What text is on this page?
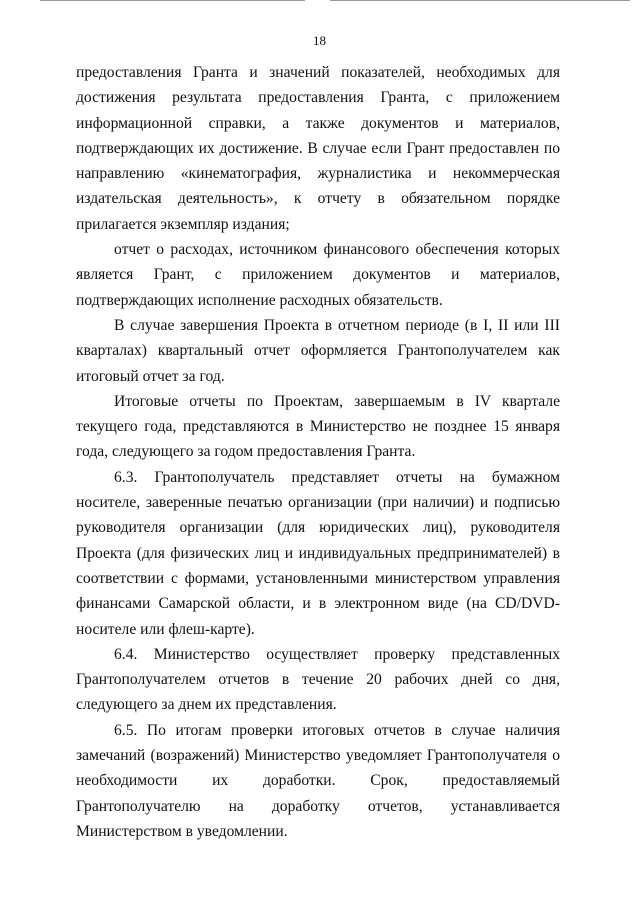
18

предоставления Гранта и значений показателей, необходимых для достижения результата предоставления Гранта, с приложением информационной справки, а также документов и материалов, подтверждающих их достижение. В случае если Грант предоставлен по направлению «кинематография, журналистика и некоммерческая издательская деятельность», к отчету в обязательном порядке прилагается экземпляр издания;

отчет о расходах, источником финансового обеспечения которых является Грант, с приложением документов и материалов, подтверждающих исполнение расходных обязательств.

В случае завершения Проекта в отчетном периоде (в I, II или III кварталах) квартальный отчет оформляется Грантополучателем как итоговый отчет за год.

Итоговые отчеты по Проектам, завершаемым в IV квартале текущего года, представляются в Министерство не позднее 15 января года, следующего за годом предоставления Гранта.

6.3. Грантополучатель представляет отчеты на бумажном носителе, заверенные печатью организации (при наличии) и подписью руководителя организации (для юридических лиц), руководителя Проекта (для физических лиц и индивидуальных предпринимателей) в соответствии с формами, установленными министерством управления финансами Самарской области, и в электронном виде (на CD/DVD-носителе или флеш-карте).

6.4. Министерство осуществляет проверку представленных Грантополучателем отчетов в течение 20 рабочих дней со дня, следующего за днем их представления.

6.5. По итогам проверки итоговых отчетов в случае наличия замечаний (возражений) Министерство уведомляет Грантополучателя о необходимости их доработки. Срок, предоставляемый Грантополучателю на доработку отчетов, устанавливается Министерством в уведомлении.
